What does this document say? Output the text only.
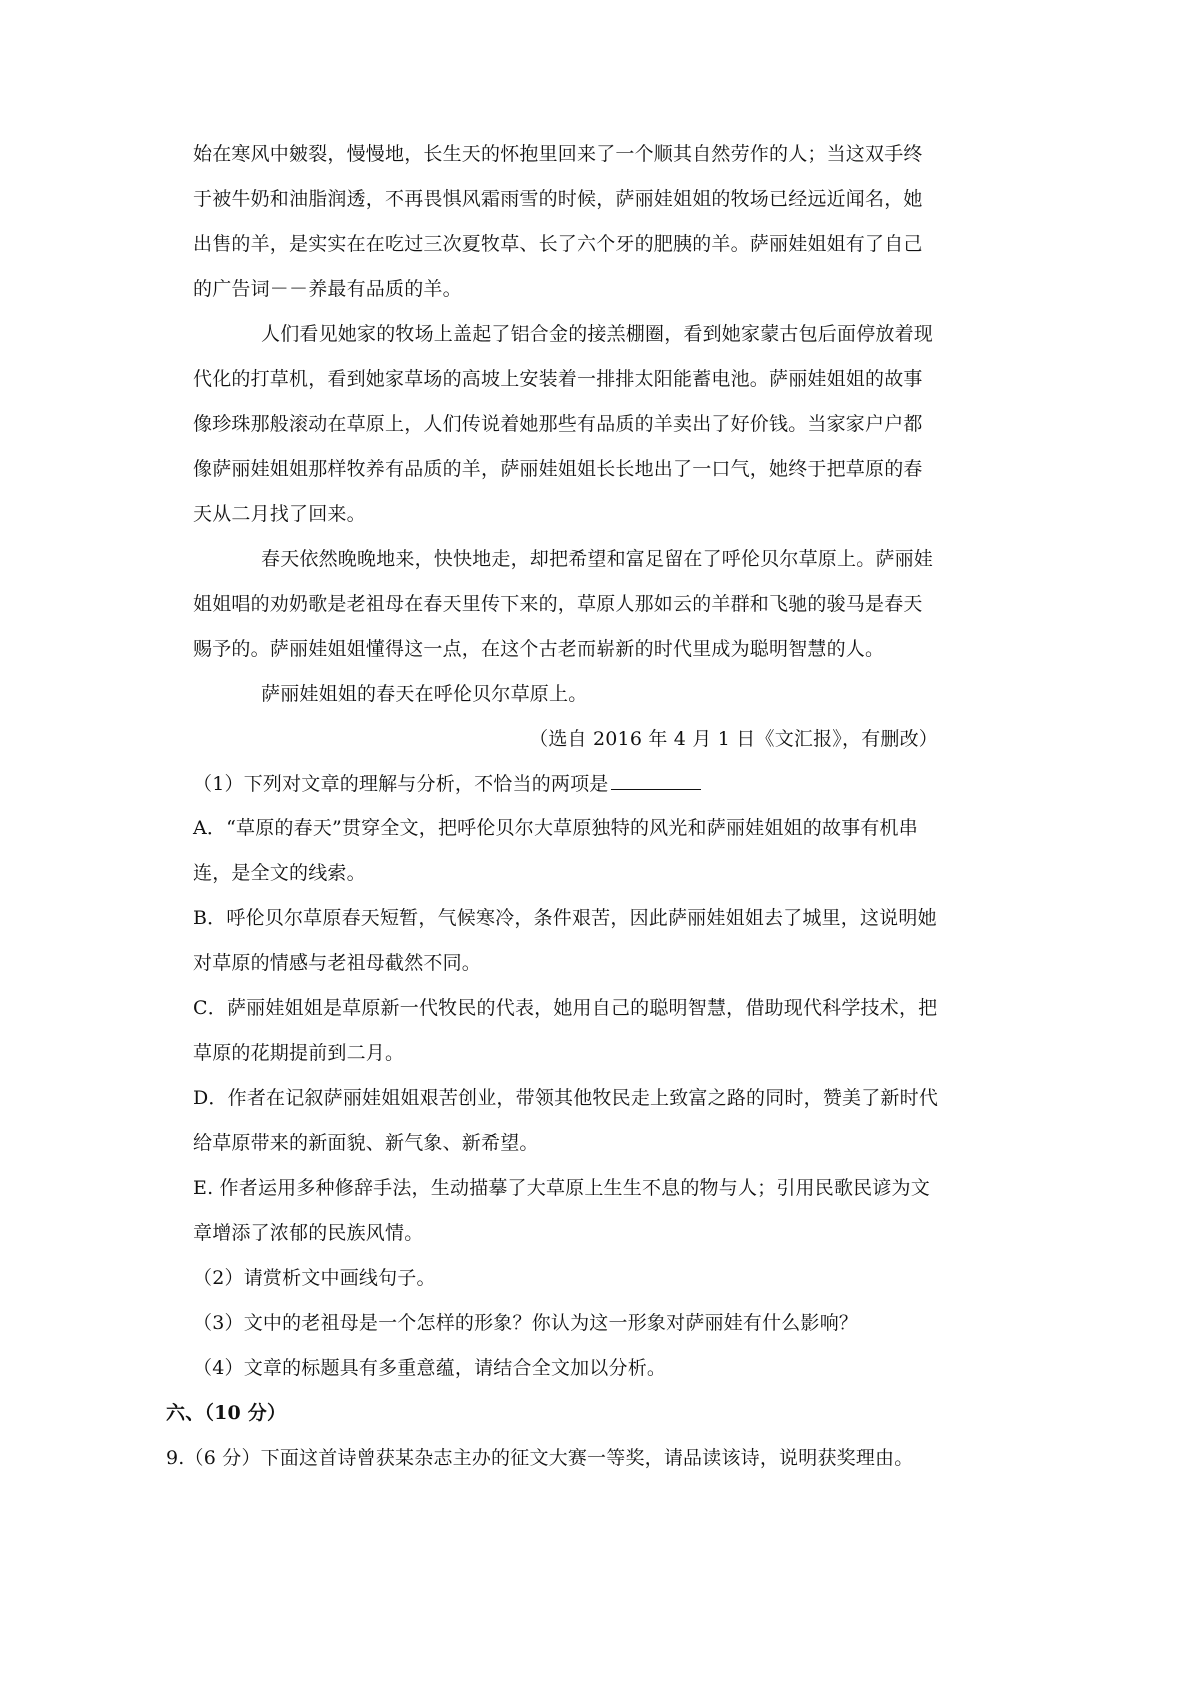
始在寒风中皴裂，慢慢地，长生天的怀抱里回来了一个顺其自然劳作的人；当这双手终
于被牛奶和油脂润透，不再畏惧风霜雨雪的时候，萨丽娃姐姐的牧场已经远近闻名，她
出售的羊，是实实在在吃过三次夏牧草、长了六个牙的肥胰的羊。萨丽娃姐姐有了自己
的广告词－－养最有品质的羊。
人们看见她家的牧场上盖起了铝合金的接羔棚圈，看到她家蒙古包后面停放着现
代化的打草机，看到她家草场的高坡上安装着一排排太阳能蓄电池。萨丽娃姐姐的故事
像珍珠那般滚动在草原上，人们传说着她那些有品质的羊卖出了好价钱。当家家户户都
像萨丽娃姐姐那样牧养有品质的羊，萨丽娃姐姐长长地出了一口气，她终于把草原的春
天从二月找了回来。
春天依然晚晚地来，快快地走，却把希望和富足留在了呼伦贝尔草原上。萨丽娃
姐姐唱的劝奶歌是老祖母在春天里传下来的，草原人那如云的羊群和飞驰的骏马是春天
赐予的。萨丽娃姐姐懂得这一点，在这个古老而崭新的时代里成为聪明智慧的人。
萨丽娃姐姐的春天在呼伦贝尔草原上。
（选自 2016 年 4 月 1 日《文汇报》，有删改）
（1）下列对文章的理解与分析，不恰当的两项是
A．“草原的春天”贯穿全文，把呼伦贝尔大草原独特的风光和萨丽娃姐姐的故事有机串
连，是全文的线索。
B．呼伦贝尔草原春天短暂，气候寒冷，条件艰苦，因此萨丽娃姐姐去了城里，这说明她
对草原的情感与老祖母截然不同。
C．萨丽娃姐姐是草原新一代牧民的代表，她用自己的聪明智慧，借助现代科学技术，把
草原的花期提前到二月。
D．作者在记叙萨丽娃姐姐艰苦创业，带领其他牧民走上致富之路的同时，赞美了新时代
给草原带来的新面貌、新气象、新希望。
E. 作者运用多种修辞手法，生动描摹了大草原上生生不息的物与人；引用民歌民谚为文
章增添了浓郁的民族风情。
（2）请赏析文中画线句子。
（3）文中的老祖母是一个怎样的形象？你认为这一形象对萨丽娃有什么影响？
（4）文章的标题具有多重意蕴，请结合全文加以分析。
六、（10 分）
9.（6 分）下面这首诗曾获某杂志主办的征文大赛一等奖，请品读该诗，说明获奖理由。
